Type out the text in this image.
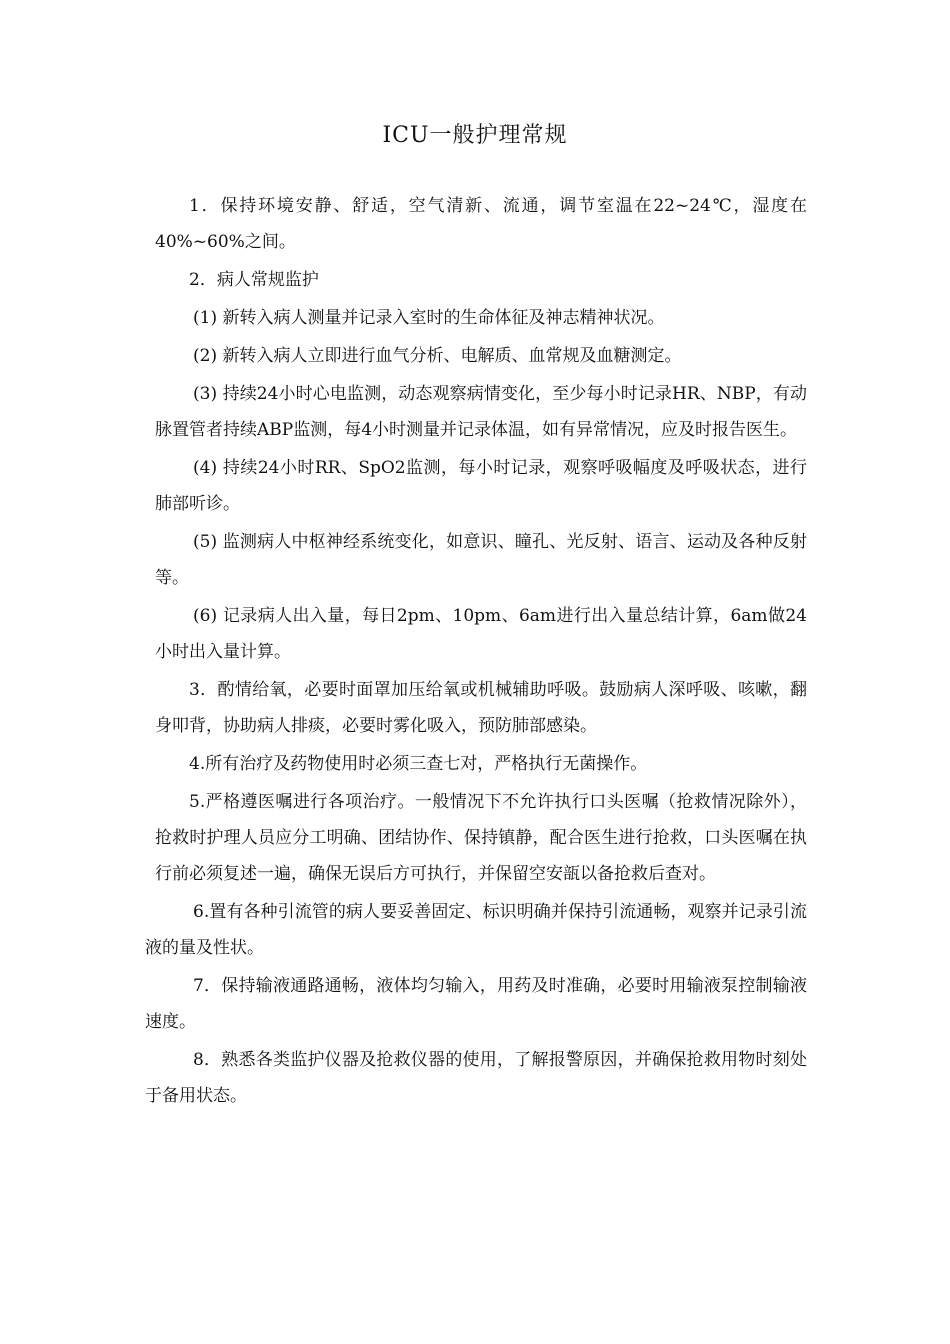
ICU一般护理常规

1．保持环境安静、舒适，空气清新、流通，调节室温在22~24℃，湿度在40%~60%之间。

2．病人常规监护

(1) 新转入病人测量并记录入室时的生命体征及神志精神状况。

(2) 新转入病人立即进行血气分析、电解质、血常规及血糖测定。

(3) 持续24小时心电监测，动态观察病情变化，至少每小时记录HR、NBP，有动脉置管者持续ABP监测，每4小时测量并记录体温，如有异常情况，应及时报告医生。

(4) 持续24小时RR、SpO2监测，每小时记录，观察呼吸幅度及呼吸状态，进行肺部听诊。

(5) 监测病人中枢神经系统变化，如意识、瞳孔、光反射、语言、运动及各种反射等。

(6) 记录病人出入量，每日2pm、10pm、6am进行出入量总结计算，6am做24小时出入量计算。

3．酌情给氧，必要时面罩加压给氧或机械辅助呼吸。鼓励病人深呼吸、咳嗽，翻身叩背，协助病人排痰，必要时雾化吸入，预防肺部感染。

4.所有治疗及药物使用时必须三查七对，严格执行无菌操作。

5.严格遵医嘱进行各项治疗。一般情况下不允许执行口头医嘱（抢救情况除外），抢救时护理人员应分工明确、团结协作、保持镇静，配合医生进行抢救，口头医嘱在执行前必须复述一遍，确保无误后方可执行，并保留空安瓿以备抢救后查对。

6.置有各种引流管的病人要妥善固定、标识明确并保持引流通畅，观察并记录引流液的量及性状。

7．保持输液通路通畅，液体均匀输入，用药及时准确，必要时用输液泵控制输液速度。

8．熟悉各类监护仪器及抢救仪器的使用，了解报警原因，并确保抢救用物时刻处于备用状态。
